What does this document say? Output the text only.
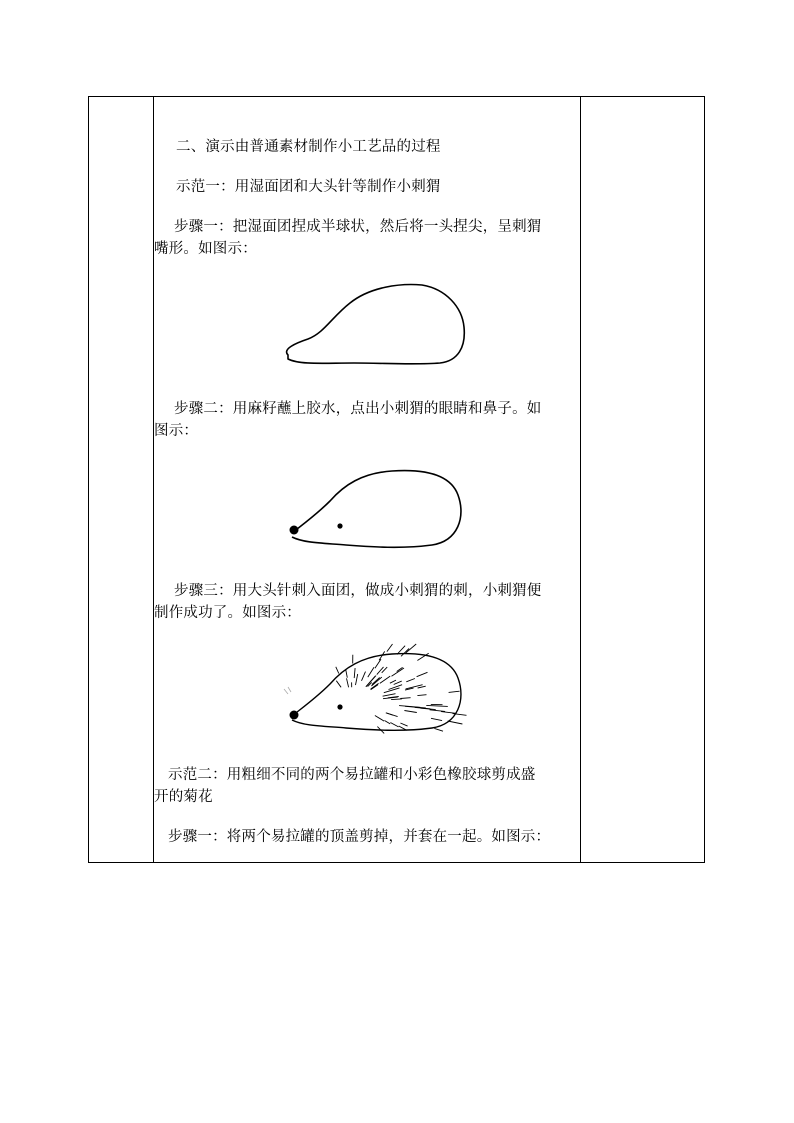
二、演示由普通素材制作小工艺品的过程
示范一：用湿面团和大头针等制作小刺猬
步骤一：把湿面团捏成半球状，然后将一头捏尖，呈刺猬
嘴形。如图示：
步骤二：用麻籽蘸上胶水，点出小刺猬的眼睛和鼻子。如
图示：
步骤三：用大头针刺入面团，做成小刺猬的刺，小刺猬便
制作成功了。如图示：
示范二：用粗细不同的两个易拉罐和小彩色橡胶球剪成盛
开的菊花
步骤一：将两个易拉罐的顶盖剪掉，并套在一起。如图示：
